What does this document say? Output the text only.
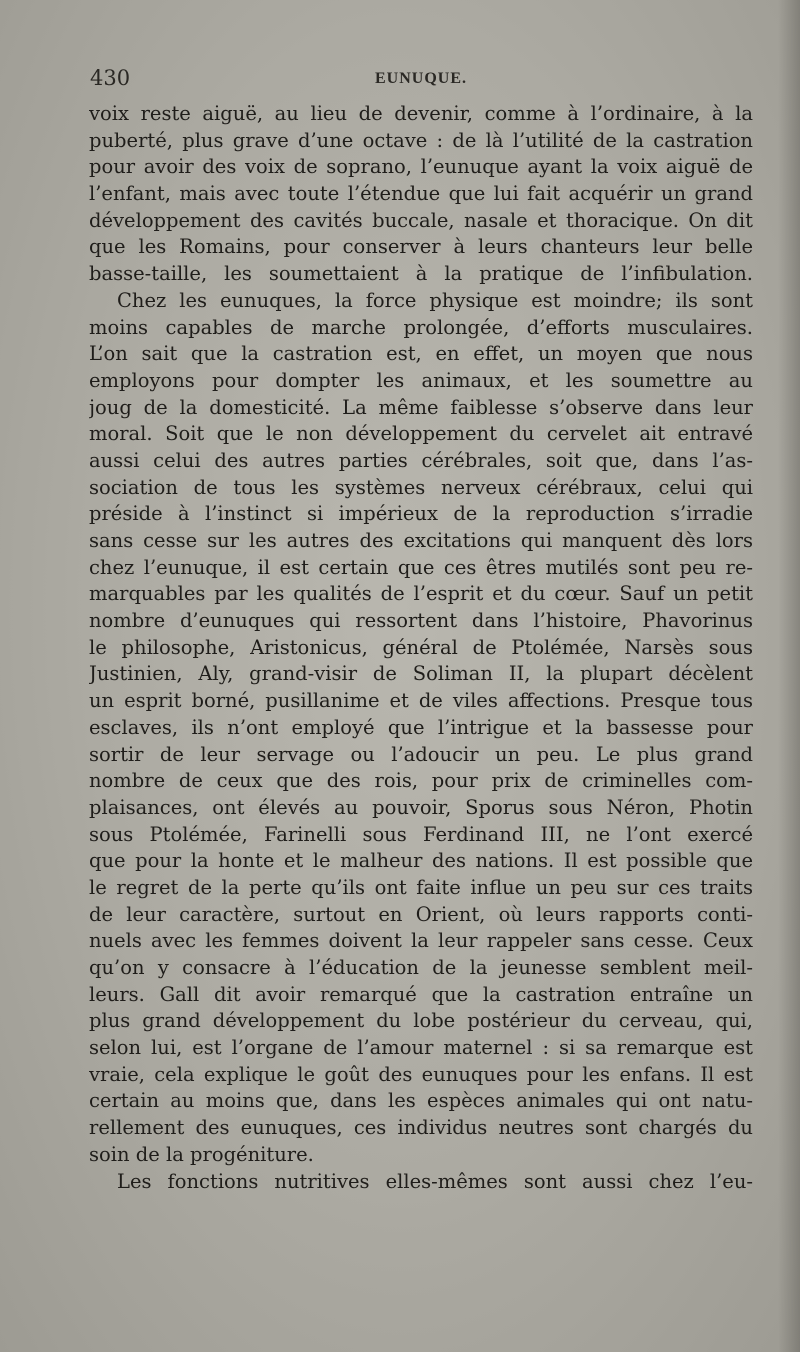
430	EUNUQUE.
voix reste aiguë, au lieu de devenir, comme à l’ordinaire, à la
puberté, plus grave d’une octave : de là l’utilité de la castration
pour avoir des voix de soprano, l’eunuque ayant la voix aiguë de
l’enfant, mais avec toute l’étendue que lui fait acquérir un grand
développement des cavités buccale, nasale et thoracique. On dit
que les Romains, pour conserver à leurs chanteurs leur belle
basse-taille, les soumettaient à la pratique de l’infibulation.
Chez les eunuques, la force physique est moindre; ils sont
moins capables de marche prolongée, d’efforts musculaires.
L’on sait que la castration est, en effet, un moyen que nous
employons pour dompter les animaux, et les soumettre au
joug de la domesticité. La même faiblesse s’observe dans leur
moral. Soit que le non développement du cervelet ait entravé
aussi celui des autres parties cérébrales, soit que, dans l’as-
sociation de tous les systèmes nerveux cérébraux, celui qui
préside à l’instinct si impérieux de la reproduction s’irradie
sans cesse sur les autres des excitations qui manquent dès lors
chez l’eunuque, il est certain que ces êtres mutilés sont peu re-
marquables par les qualités de l’esprit et du cœur. Sauf un petit
nombre d’eunuques qui ressortent dans l’histoire, Phavorinus
le philosophe, Aristonicus, général de Ptolémée, Narsès sous
Justinien, Aly, grand-visir de Soliman II, la plupart décèlent
un esprit borné, pusillanime et de viles affections. Presque tous
esclaves, ils n’ont employé que l’intrigue et la bassesse pour
sortir de leur servage ou l’adoucir un peu. Le plus grand
nombre de ceux que des rois, pour prix de criminelles com-
plaisances, ont élevés au pouvoir, Sporus sous Néron, Photin
sous Ptolémée, Farinelli sous Ferdinand III, ne l’ont exercé
que pour la honte et le malheur des nations. Il est possible que
le regret de la perte qu’ils ont faite influe un peu sur ces traits
de leur caractère, surtout en Orient, où leurs rapports conti-
nuels avec les femmes doivent la leur rappeler sans cesse. Ceux
qu’on y consacre à l’éducation de la jeunesse semblent meil-
leurs. Gall dit avoir remarqué que la castration entraîne un
plus grand développement du lobe postérieur du cerveau, qui,
selon lui, est l’organe de l’amour maternel : si sa remarque est
vraie, cela explique le goût des eunuques pour les enfans. Il est
certain au moins que, dans les espèces animales qui ont natu-
rellement des eunuques, ces individus neutres sont chargés du
soin de la progéniture.
Les fonctions nutritives elles-mêmes sont aussi chez l’eu-
